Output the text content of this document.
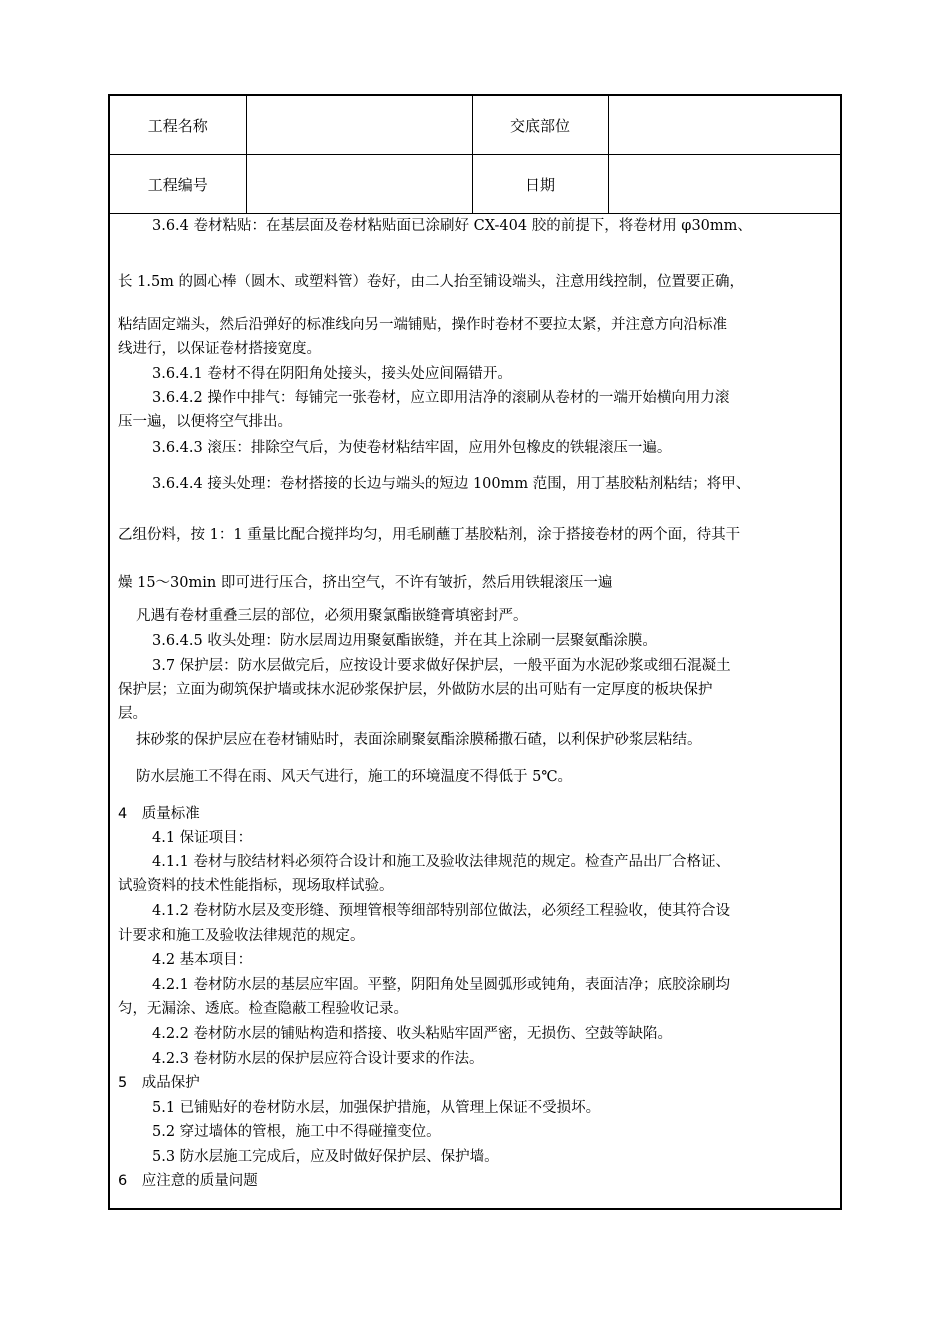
工程名称		交底部位	
工程编号		日期	
3.6.4 卷材粘贴：在基层面及卷材粘贴面已涂刷好 CX-404 胶的前提下，将卷材用 φ30mm、
长 1.5m 的圆心棒（圆木、或塑料管）卷好，由二人抬至铺设端头，注意用线控制，位置要正确，
粘结固定端头，然后沿弹好的标准线向另一端铺贴，操作时卷材不要拉太紧，并注意方向沿标准
线进行，以保证卷材搭接宽度。
3.6.4.1 卷材不得在阴阳角处接头，接头处应间隔错开。
3.6.4.2 操作中排气：每铺完一张卷材，应立即用洁净的滚刷从卷材的一端开始横向用力滚
压一遍，以便将空气排出。
3.6.4.3 滚压：排除空气后，为使卷材粘结牢固，应用外包橡皮的铁辊滚压一遍。
3.6.4.4 接头处理：卷材搭接的长边与端头的短边 100mm 范围，用丁基胶粘剂粘结；将甲、
乙组份料，按 1：1 重量比配合搅拌均匀，用毛刷蘸丁基胶粘剂，涂于搭接卷材的两个面，待其干
燥 15～30min 即可进行压合，挤出空气，不许有皱折，然后用铁辊滚压一遍
凡遇有卷材重叠三层的部位，必须用聚氯酯嵌缝膏填密封严。
3.6.4.5 收头处理：防水层周边用聚氨酯嵌缝，并在其上涂刷一层聚氨酯涂膜。
3.7 保护层：防水层做完后，应按设计要求做好保护层，一般平面为水泥砂浆或细石混凝土
保护层；立面为砌筑保护墙或抹水泥砂浆保护层，外做防水层的出可贴有一定厚度的板块保护
层。
抹砂浆的保护层应在卷材铺贴时，表面涂刷聚氨酯涂膜稀撒石碴，以利保护砂浆层粘结。
防水层施工不得在雨、风天气进行，施工的环境温度不得低于 5℃。
4　质量标准
4.1 保证项目：
4.1.1 卷材与胶结材料必须符合设计和施工及验收法律规范的规定。检查产品出厂合格证、
试验资料的技术性能指标，现场取样试验。
4.1.2 卷材防水层及变形缝、预埋管根等细部特别部位做法，必须经工程验收，使其符合设
计要求和施工及验收法律规范的规定。
4.2 基本项目：
4.2.1 卷材防水层的基层应牢固。平整，阴阳角处呈圆弧形或钝角，表面洁净；底胶涂刷均
匀，无漏涂、透底。检查隐蔽工程验收记录。
4.2.2 卷材防水层的铺贴构造和搭接、收头粘贴牢固严密，无损伤、空鼓等缺陷。
4.2.3 卷材防水层的保护层应符合设计要求的作法。
5　成品保护
5.1 已铺贴好的卷材防水层，加强保护措施，从管理上保证不受损坏。
5.2 穿过墙体的管根，施工中不得碰撞变位。
5.3 防水层施工完成后，应及时做好保护层、保护墙。
6　应注意的质量问题
